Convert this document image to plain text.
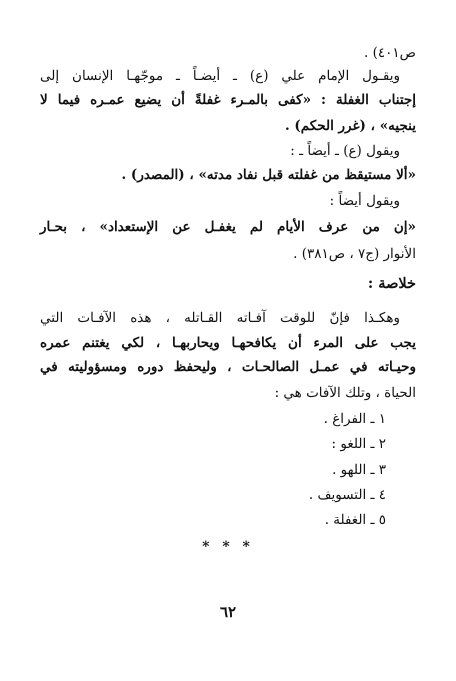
ص٤٠١) .
ويقـول الإمام علي (ع) ـ أيضـاً ـ موجّهـا الإنسان إلى
إجتناب الغفلة : «كفى بالمـرء غفلةً أن يضيع عمـره فيما لا
ينجيه» ، (غرر الحكم) .
ويقول (ع) ـ أيضاً ـ :
«ألا مستيقظ من غفلته قبل نفاد مدته» ، (المصدر) .
ويقول أيضاً :
«إن من عرف الأيام لم يغفـل عن الإستعداد» ، بحـار
الأنوار (ج٧ ، ص٣٨١) .
خلاصة :
وهكـذا فإنّ للوقت آفـاته القـاتله ، هذه الآفـات التي
يجب على المرء أن يكافحهـا ويحاربهـا ، لكي يغتنم عمره
وحيـاته في عمـل الصالحـات ، وليحفظ دوره ومسؤوليته في
الحياة ، وتلك الآفات هي :
١ ـ الفراغ .
٢ ـ اللغو :
٣ ـ اللهو .
٤ ـ التسويف .
٥ ـ الغفلة .
* * *
٦٢
